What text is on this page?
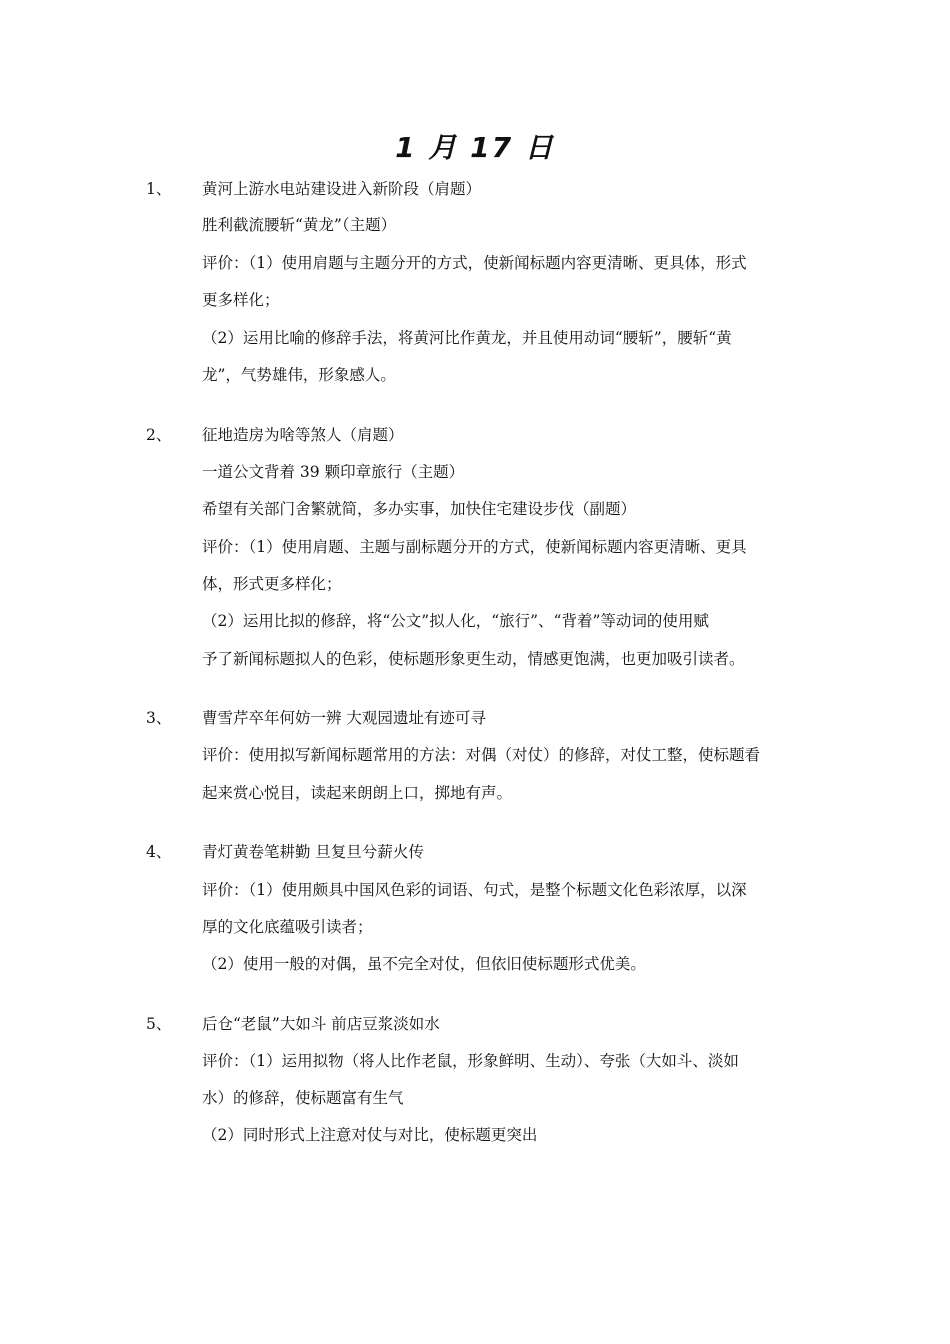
1 月 17 日
1、 黄河上游水电站建设进入新阶段（肩题）
胜利截流腰斩“黄龙”（主题）
评价：（1）使用肩题与主题分开的方式，使新闻标题内容更清晰、更具体，形式
更多样化；
（2）运用比喻的修辞手法，将黄河比作黄龙，并且使用动词“腰斩”，腰斩“黄
龙”，气势雄伟，形象感人。
2、 征地造房为啥等煞人（肩题）
一道公文背着 39 颗印章旅行（主题）
希望有关部门舍繁就简，多办实事，加快住宅建设步伐（副题）
评价：（1）使用肩题、主题与副标题分开的方式，使新闻标题内容更清晰、更具
体，形式更多样化；
（2）运用比拟的修辞，将“公文”拟人化，“旅行”、“背着”等动词的使用赋
予了新闻标题拟人的色彩，使标题形象更生动，情感更饱满，也更加吸引读者。
3、 曹雪芹卒年何妨一辨 大观园遗址有迹可寻
评价：使用拟写新闻标题常用的方法：对偶（对仗）的修辞，对仗工整，使标题看
起来赏心悦目，读起来朗朗上口，掷地有声。
4、 青灯黄卷笔耕勤 旦复旦兮薪火传
评价：（1）使用颇具中国风色彩的词语、句式，是整个标题文化色彩浓厚，以深
厚的文化底蕴吸引读者；
（2）使用一般的对偶，虽不完全对仗，但依旧使标题形式优美。
5、 后仓“老鼠”大如斗 前店豆浆淡如水
评价：（1）运用拟物（将人比作老鼠，形象鲜明、生动）、夸张（大如斗、淡如
水）的修辞，使标题富有生气
（2）同时形式上注意对仗与对比，使标题更突出
